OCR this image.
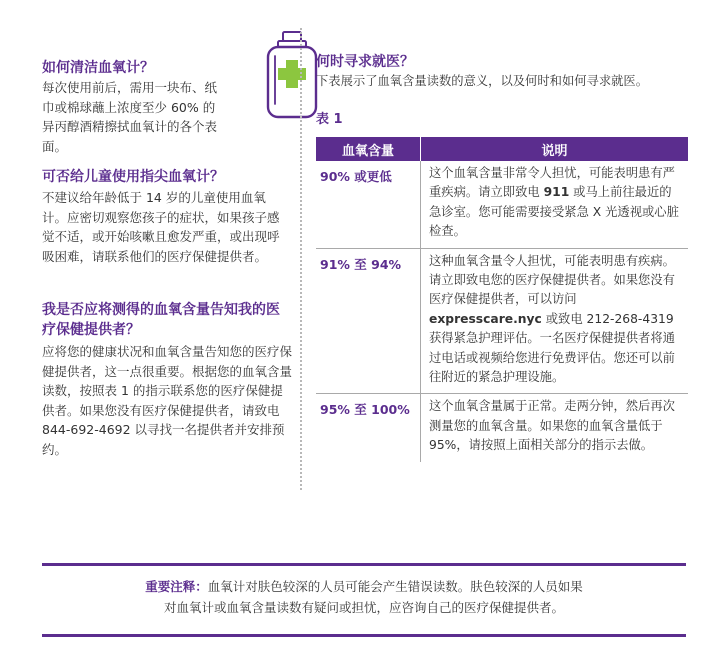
如何清洁血氧计？

每次使用前后，需用一块布、纸巾或棉球蘸上浓度至少 60% 的异丙醇酒精擦拭血氧计的各个表面。

可否给儿童使用指尖血氧计？

不建议给年龄低于 14 岁的儿童使用血氧计。应密切观察您孩子的症状，如果孩子感觉不适，或开始咳嗽且愈发严重，或出现呼吸困难，请联系他们的医疗保健提供者。

我是否应将测得的血氧含量告知我的医疗保健提供者？

应将您的健康状况和血氧含量告知您的医疗保健提供者，这一点很重要。根据您的血氧含量读数，按照表 1 的指示联系您的医疗保健提供者。如果您没有医疗保健提供者，请致电 844-692-4692 以寻找一名提供者并安排预约。

何时寻求就医？

下表展示了血氧含量读数的意义，以及何时和如何寻求就医。

表 1
血氧含量	说明
90% 或更低	这个血氧含量非常令人担忧，可能表明患有严重疾病。请立即致电 911 或马上前往最近的急诊室。您可能需要接受紧急 X 光透视或心脏检查。
91% 至 94%	这种血氧含量令人担忧，可能表明患有疾病。请立即致电您的医疗保健提供者。如果您没有医疗保健提供者，可以访问 expresscare.nyc 或致电 212-268-4319 获得紧急护理评估。一名医疗保健提供者将通过电话或视频给您进行免费评估。您还可以前往附近的紧急护理设施。
95% 至 100%	这个血氧含量属于正常。走两分钟，然后再次测量您的血氧含量。如果您的血氧含量低于 95%，请按照上面相关部分的指示去做。
重要注释：血氧计对肤色较深的人员可能会产生错误读数。肤色较深的人员如果
对血氧计或血氧含量读数有疑问或担忧，应咨询自己的医疗保健提供者。
